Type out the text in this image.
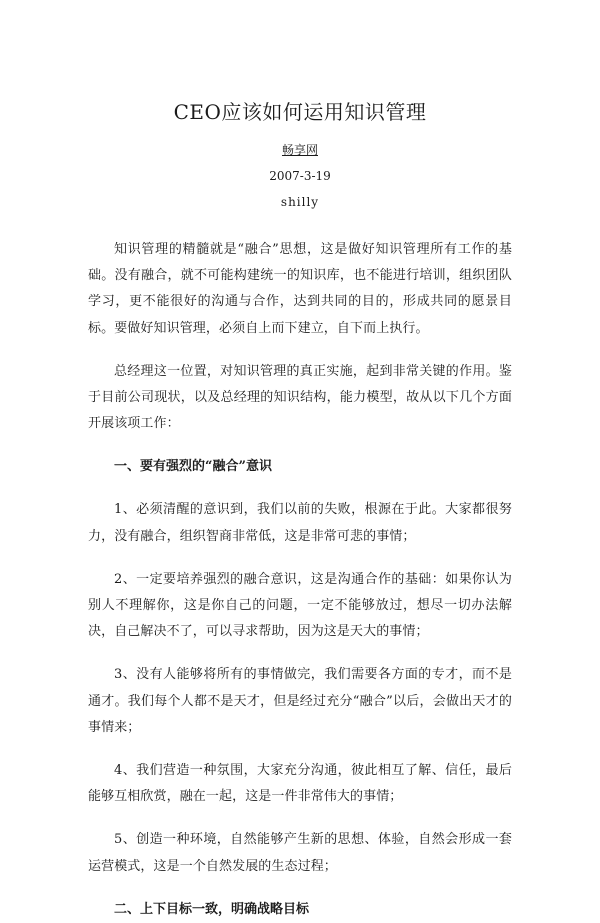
CEO应该如何运用知识管理
畅享网
2007-3-19
shilly

知识管理的精髓就是“融合”思想，这是做好知识管理所有工作的基础。没有融合，就不可能构建统一的知识库，也不能进行培训，组织团队学习，更不能很好的沟通与合作，达到共同的目的，形成共同的愿景目标。要做好知识管理，必须自上而下建立，自下而上执行。

总经理这一位置，对知识管理的真正实施，起到非常关键的作用。鉴于目前公司现状，以及总经理的知识结构，能力模型，故从以下几个方面开展该项工作：

一、要有强烈的“融合”意识

1、必须清醒的意识到，我们以前的失败，根源在于此。大家都很努力，没有融合，组织智商非常低，这是非常可悲的事情；

2、一定要培养强烈的融合意识，这是沟通合作的基础：如果你认为别人不理解你，这是你自己的问题，一定不能够放过，想尽一切办法解决，自己解决不了，可以寻求帮助，因为这是天大的事情；

3、没有人能够将所有的事情做完，我们需要各方面的专才，而不是通才。我们每个人都不是天才，但是经过充分“融合”以后，会做出天才的事情来；

4、我们营造一种氛围，大家充分沟通，彼此相互了解、信任，最后能够互相欣赏，融在一起，这是一件非常伟大的事情；

5、创造一种环境，自然能够产生新的思想、体验，自然会形成一套运营模式，这是一个自然发展的生态过程；

二、上下目标一致，明确战略目标
